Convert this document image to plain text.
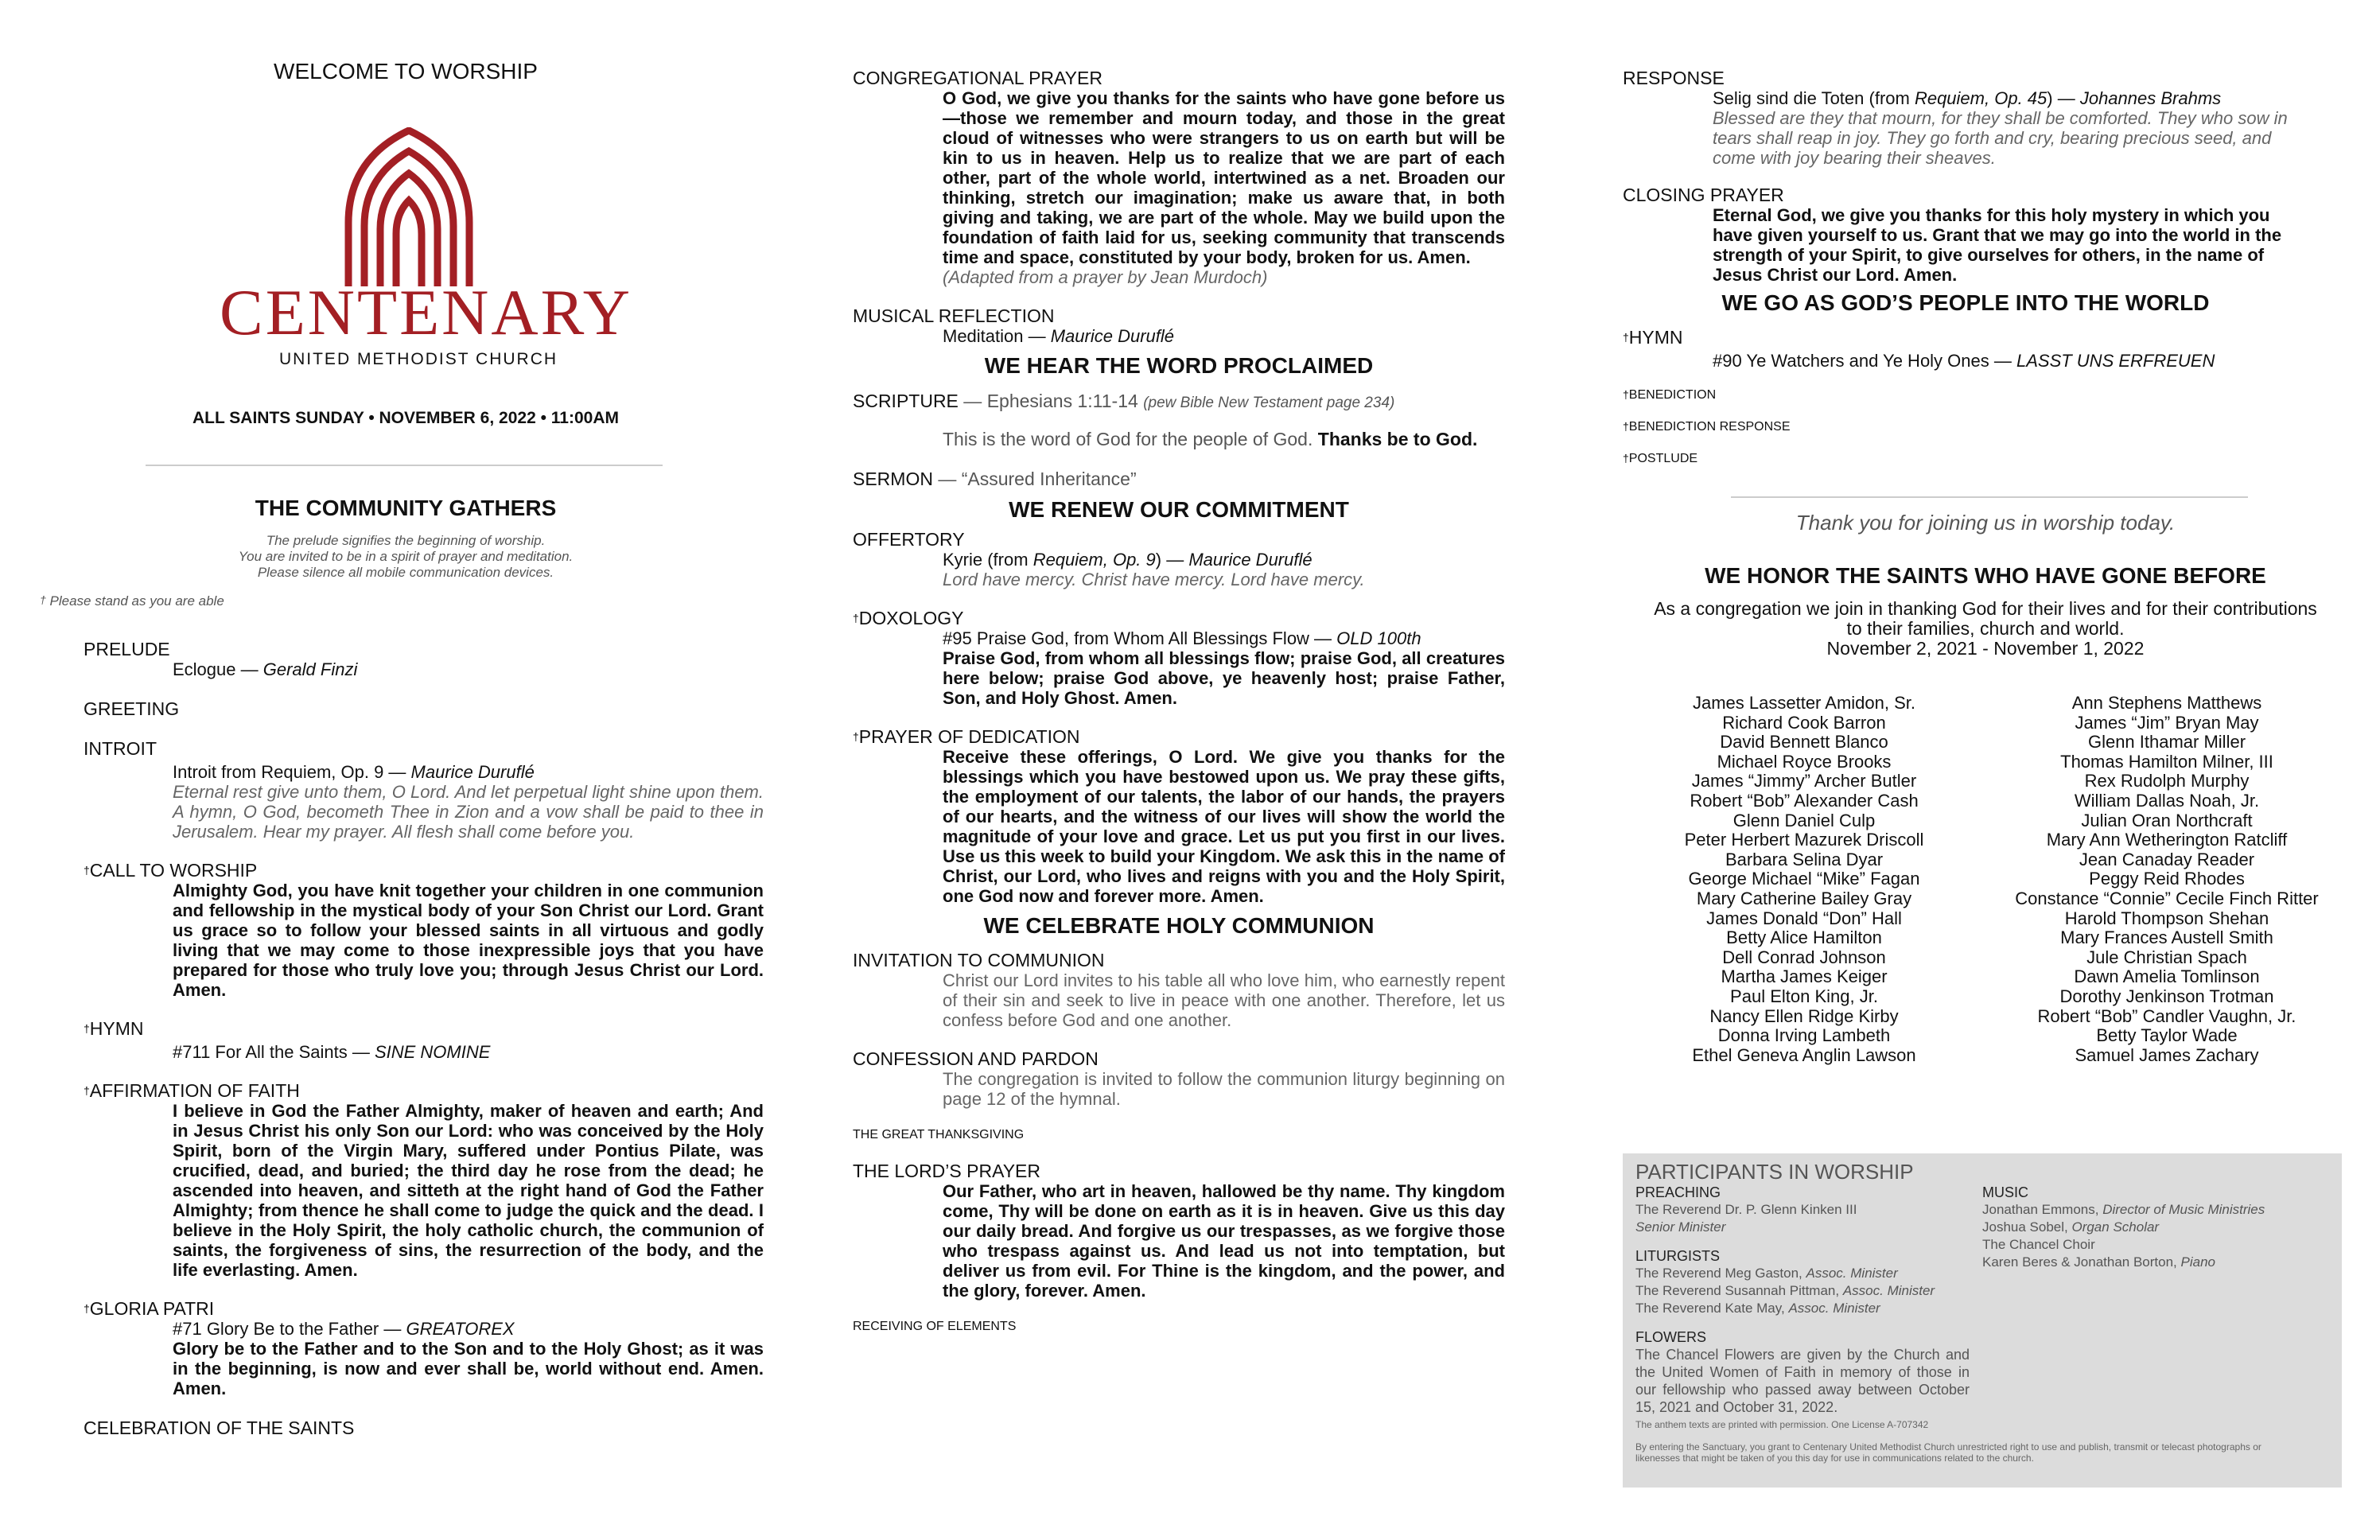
WELCOME TO WORSHIP
CENTENARY
UNITED METHODIST CHURCH
ALL SAINTS SUNDAY • NOVEMBER 6, 2022 • 11:00AM
THE COMMUNITY GATHERS
The prelude signifies the beginning of worship.
You are invited to be in a spirit of prayer and meditation.
Please silence all mobile communication devices.
† Please stand as you are able
PRELUDE
Eclogue — Gerald Finzi
GREETING
INTROIT
Introit from Requiem, Op. 9 — Maurice Duruflé
Eternal rest give unto them, O Lord. And let perpetual light shine upon them. A hymn, O God, becometh Thee in Zion and a vow shall be paid to thee in Jerusalem. Hear my prayer. All flesh shall come before you.
†CALL TO WORSHIP
Almighty God, you have knit together your children in one communion and fellowship in the mystical body of your Son Christ our Lord. Grant us grace so to follow your blessed saints in all virtuous and godly living that we may come to those inexpressible joys that you have prepared for those who truly love you; through Jesus Christ our Lord. Amen.
†HYMN
#711 For All the Saints — SINE NOMINE
†AFFIRMATION OF FAITH
I believe in God the Father Almighty, maker of heaven and earth; And in Jesus Christ his only Son our Lord: who was conceived by the Holy Spirit, born of the Virgin Mary, suffered under Pontius Pilate, was crucified, dead, and buried; the third day he rose from the dead; he ascended into heaven, and sitteth at the right hand of God the Father Almighty; from thence he shall come to judge the quick and the dead. I believe in the Holy Spirit, the holy catholic church, the communion of saints, the forgiveness of sins, the resurrection of the body, and the life everlasting. Amen.
†GLORIA PATRI
#71 Glory Be to the Father — GREATOREX
Glory be to the Father and to the Son and to the Holy Ghost; as it was in the beginning, is now and ever shall be, world without end. Amen. Amen.
CELEBRATION OF THE SAINTS
CONGREGATIONAL PRAYER
O God, we give you thanks for the saints who have gone before us—those we remember and mourn today, and those in the great cloud of witnesses who were strangers to us on earth but will be kin to us in heaven. Help us to realize that we are part of each other, part of the whole world, intertwined as a net. Broaden our thinking, stretch our imagination; make us aware that, in both giving and taking, we are part of the whole. May we build upon the foundation of faith laid for us, seeking community that transcends time and space, constituted by your body, broken for us. Amen.
(Adapted from a prayer by Jean Murdoch)
MUSICAL REFLECTION
Meditation — Maurice Duruflé
WE HEAR THE WORD PROCLAIMED
SCRIPTURE — Ephesians 1:11-14 (pew Bible New Testament page 234)
This is the word of God for the people of God. Thanks be to God.
SERMON — “Assured Inheritance”
WE RENEW OUR COMMITMENT
OFFERTORY
Kyrie (from Requiem, Op. 9) — Maurice Duruflé
Lord have mercy. Christ have mercy. Lord have mercy.
†DOXOLOGY
#95 Praise God, from Whom All Blessings Flow — OLD 100th
Praise God, from whom all blessings flow; praise God, all creatures here below; praise God above, ye heavenly host; praise Father, Son, and Holy Ghost. Amen.
†PRAYER OF DEDICATION
Receive these offerings, O Lord. We give you thanks for the blessings which you have bestowed upon us. We pray these gifts, the employment of our talents, the labor of our hands, the prayers of our hearts, and the witness of our lives will show the world the magnitude of your love and grace. Let us put you first in our lives. Use us this week to build your Kingdom. We ask this in the name of Christ, our Lord, who lives and reigns with you and the Holy Spirit, one God now and forever more. Amen.
WE CELEBRATE HOLY COMMUNION
INVITATION TO COMMUNION
Christ our Lord invites to his table all who love him, who earnestly repent of their sin and seek to live in peace with one another. Therefore, let us confess before God and one another.
CONFESSION AND PARDON
The congregation is invited to follow the communion liturgy beginning on page 12 of the hymnal.
THE GREAT THANKSGIVING
THE LORD’S PRAYER
Our Father, who art in heaven, hallowed be thy name. Thy kingdom come, Thy will be done on earth as it is in heaven. Give us this day our daily bread. And forgive us our trespasses, as we forgive those who trespass against us. And lead us not into temptation, but deliver us from evil. For Thine is the kingdom, and the power, and the glory, forever. Amen.
RECEIVING OF ELEMENTS
RESPONSE
Selig sind die Toten (from Requiem, Op. 45) — Johannes Brahms
Blessed are they that mourn, for they shall be comforted. They who sow in tears shall reap in joy. They go forth and cry, bearing precious seed, and come with joy bearing their sheaves.
CLOSING PRAYER
Eternal God, we give you thanks for this holy mystery in which you have given yourself to us. Grant that we may go into the world in the strength of your Spirit, to give ourselves for others, in the name of Jesus Christ our Lord. Amen.
WE GO AS GOD’S PEOPLE INTO THE WORLD
†HYMN
#90 Ye Watchers and Ye Holy Ones — LASST UNS ERFREUEN
†BENEDICTION
†BENEDICTION RESPONSE
†POSTLUDE
Thank you for joining us in worship today.
WE HONOR THE SAINTS WHO HAVE GONE BEFORE
As a congregation we join in thanking God for their lives and for their contributions
to their families, church and world.
November 2, 2021 - November 1, 2022
James Lassetter Amidon, Sr.
Richard Cook Barron
David Bennett Blanco
Michael Royce Brooks
James “Jimmy” Archer Butler
Robert “Bob” Alexander Cash
Glenn Daniel Culp
Peter Herbert Mazurek Driscoll
Barbara Selina Dyar
George Michael “Mike” Fagan
Mary Catherine Bailey Gray
James Donald “Don” Hall
Betty Alice Hamilton
Dell Conrad Johnson
Martha James Keiger
Paul Elton King, Jr.
Nancy Ellen Ridge Kirby
Donna Irving Lambeth
Ethel Geneva Anglin Lawson
Ann Stephens Matthews
James “Jim” Bryan May
Glenn Ithamar Miller
Thomas Hamilton Milner, III
Rex Rudolph Murphy
William Dallas Noah, Jr.
Julian Oran Northcraft
Mary Ann Wetherington Ratcliff
Jean Canaday Reader
Peggy Reid Rhodes
Constance “Connie” Cecile Finch Ritter
Harold Thompson Shehan
Mary Frances Austell Smith
Jule Christian Spach
Dawn Amelia Tomlinson
Dorothy Jenkinson Trotman
Robert “Bob” Candler Vaughn, Jr.
Betty Taylor Wade
Samuel James Zachary
PARTICIPANTS IN WORSHIP
PREACHING
The Reverend Dr. P. Glenn Kinken III
Senior Minister
LITURGISTS
The Reverend Meg Gaston, Assoc. Minister
The Reverend Susannah Pittman, Assoc. Minister
The Reverend Kate May, Assoc. Minister
MUSIC
Jonathan Emmons, Director of Music Ministries
Joshua Sobel, Organ Scholar
The Chancel Choir
Karen Beres & Jonathan Borton, Piano
FLOWERS
The Chancel Flowers are given by the Church and the United Women of Faith in memory of those in our fellowship who passed away between October 15, 2021 and October 31, 2022.
The anthem texts are printed with permission. One License A-707342
By entering the Sanctuary, you grant to Centenary United Methodist Church unrestricted right to use and publish, transmit or telecast photographs or likenesses that might be taken of you this day for use in communications related to the church.
